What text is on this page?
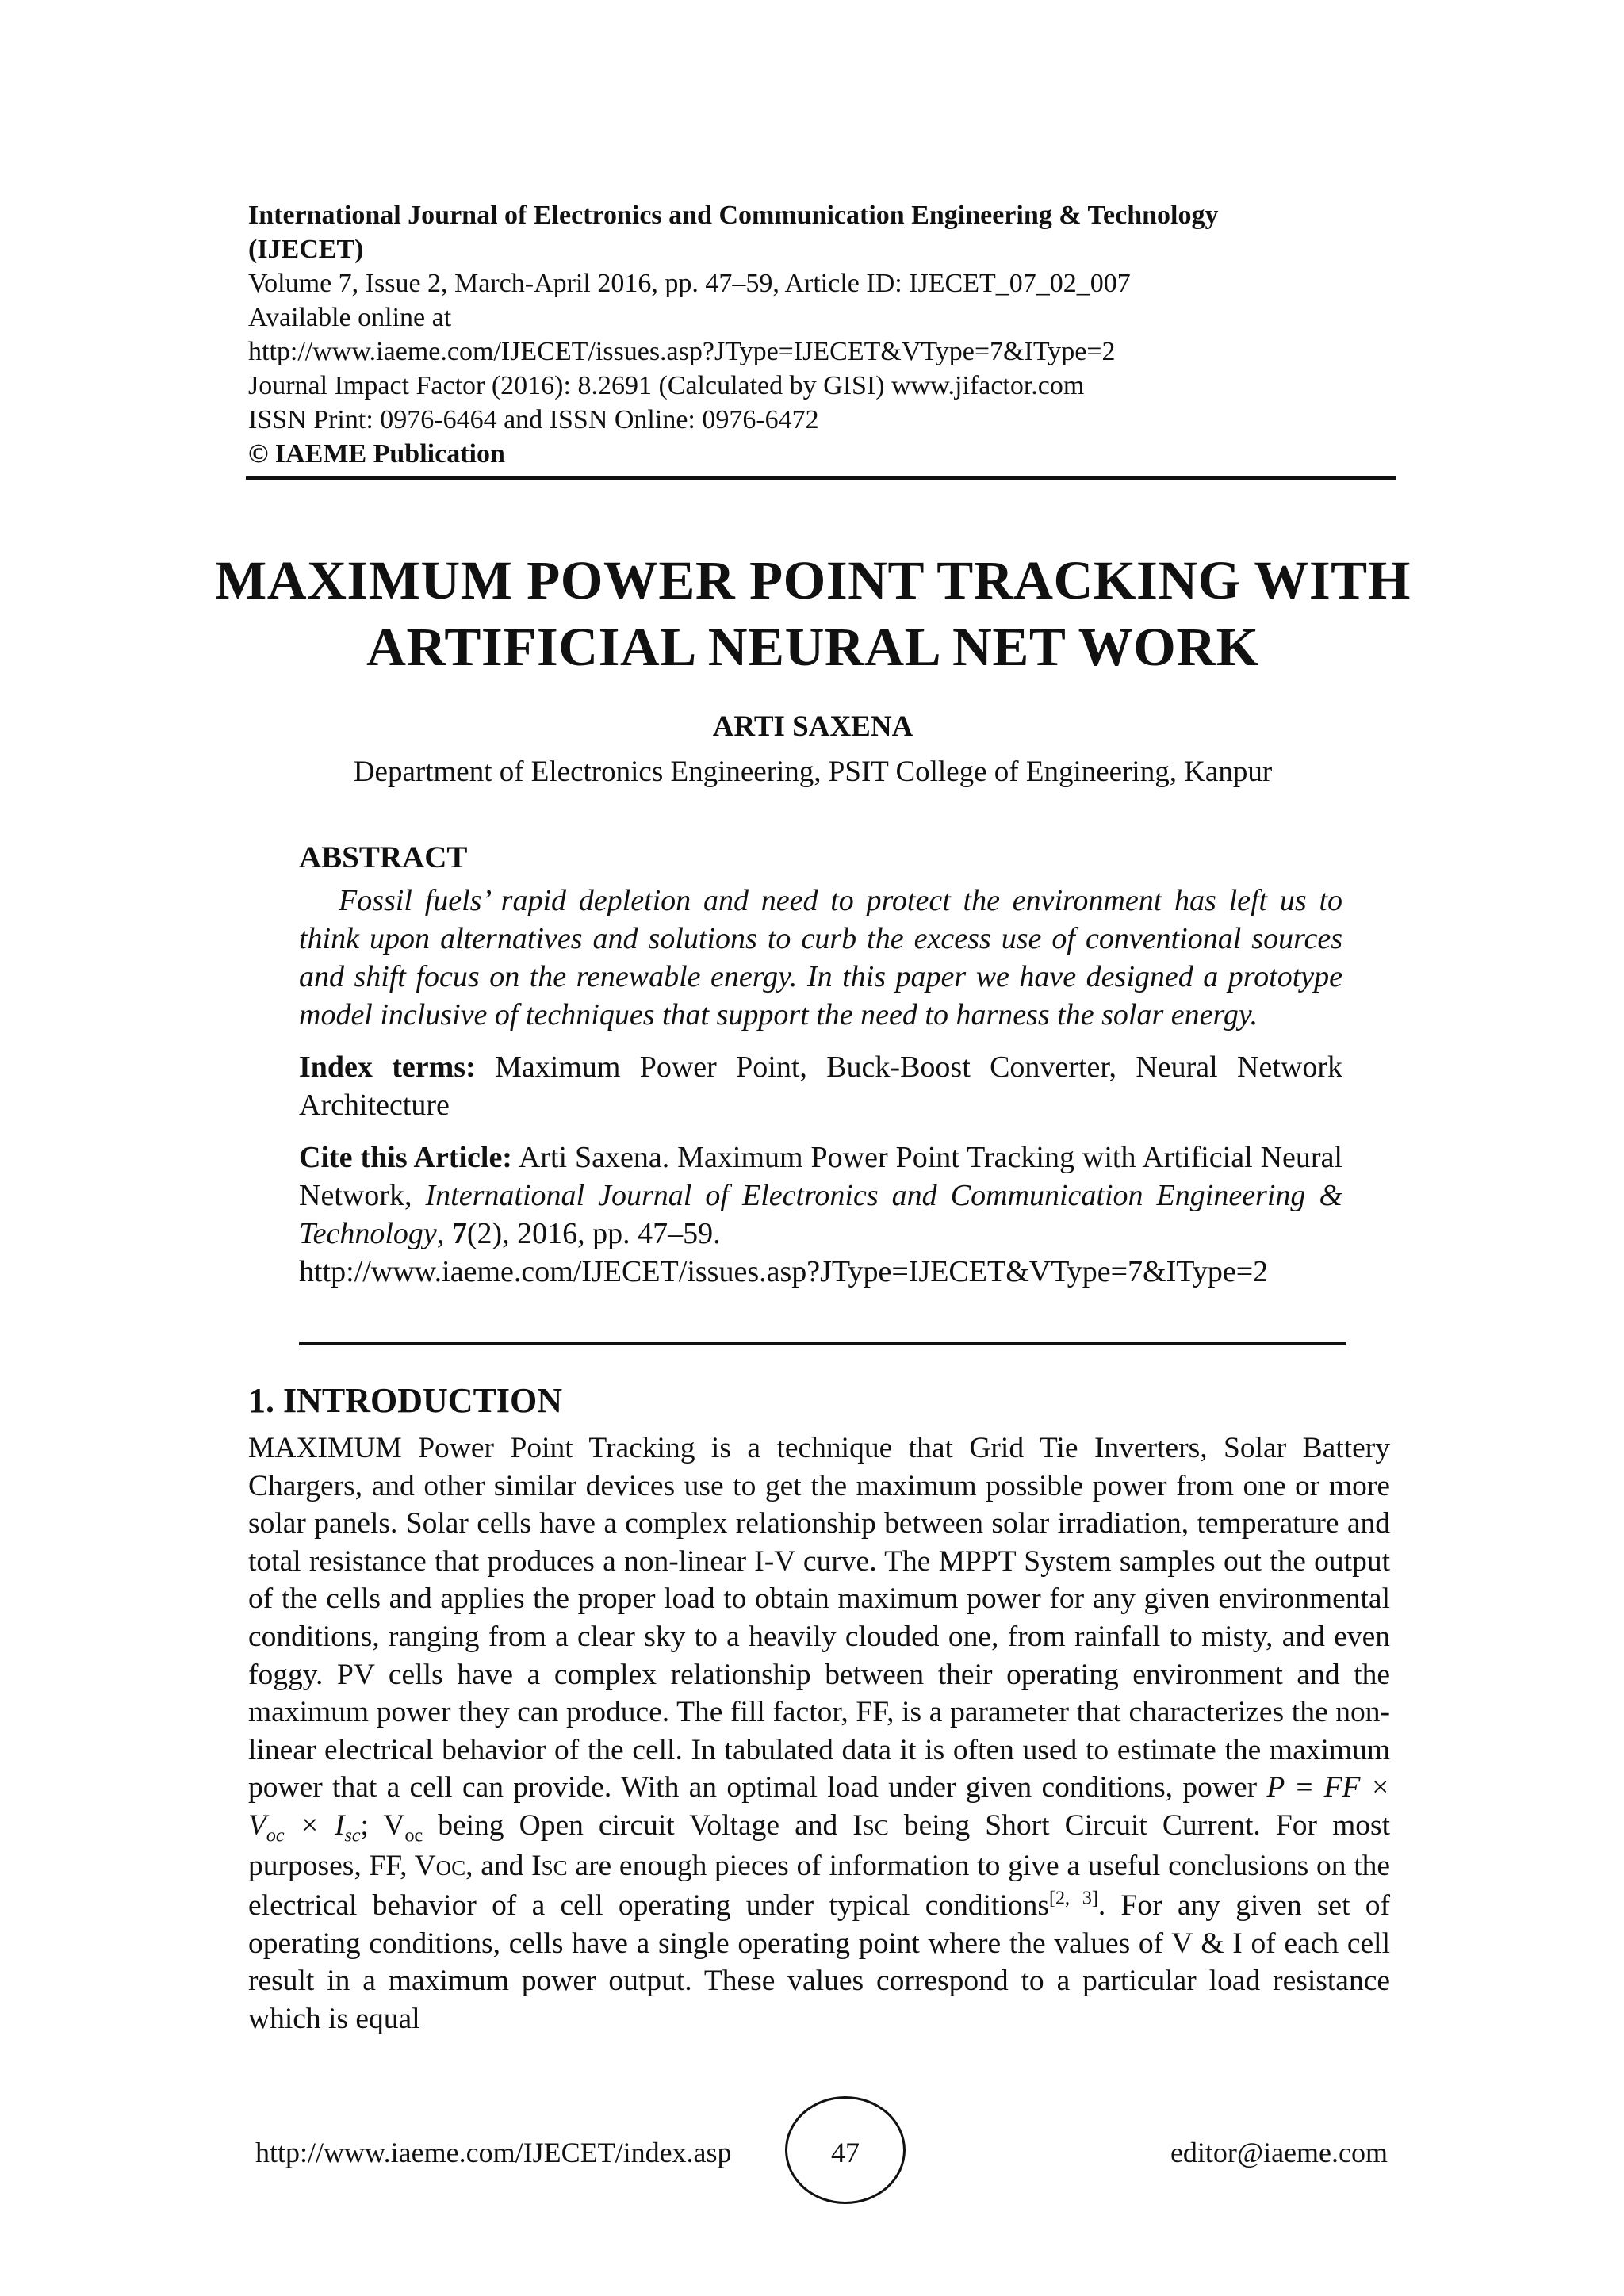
International Journal of Electronics and Communication Engineering & Technology
(IJECET)
Volume 7, Issue 2, March-April 2016, pp. 47–59, Article ID: IJECET_07_02_007
Available online at
http://www.iaeme.com/IJECET/issues.asp?JType=IJECET&VType=7&IType=2
Journal Impact Factor (2016): 8.2691 (Calculated by GISI) www.jifactor.com
ISSN Print: 0976-6464 and ISSN Online: 0976-6472
© IAEME Publication
MAXIMUM POWER POINT TRACKING WITH
ARTIFICIAL NEURAL NET WORK
ARTI SAXENA
Department of Electronics Engineering, PSIT College of Engineering, Kanpur
ABSTRACT

Fossil fuels’ rapid depletion and need to protect the environment has left us to think upon alternatives and solutions to curb the excess use of conventional sources and shift focus on the renewable energy. In this paper we have designed a prototype model inclusive of techniques that support the need to harness the solar energy.

Index terms: Maximum Power Point, Buck-Boost Converter, Neural Network Architecture

Cite this Article: Arti Saxena. Maximum Power Point Tracking with Artificial Neural Network, International Journal of Electronics and Communication Engineering & Technology, 7(2), 2016, pp. 47–59.
http://www.iaeme.com/IJECET/issues.asp?JType=IJECET&VType=7&IType=2

1. INTRODUCTION

MAXIMUM Power Point Tracking is a technique that Grid Tie Inverters, Solar Battery Chargers, and other similar devices use to get the maximum possible power from one or more solar panels. Solar cells have a complex relationship between solar irradiation, temperature and total resistance that produces a non-linear I-V curve. The MPPT System samples out the output of the cells and applies the proper load to obtain maximum power for any given environmental conditions, ranging from a clear sky to a heavily clouded one, from rainfall to misty, and even foggy. PV cells have a complex relationship between their operating environment and the maximum power they can produce. The fill factor, FF, is a parameter that characterizes the non-linear electrical behavior of the cell. In tabulated data it is often used to estimate the maximum power that a cell can provide. With an optimal load under given conditions, power P = FF × $V_{oc} \times I_{sc}$; $V_{oc}$ being Open circuit Voltage and ISC being Short Circuit Current. For most purposes, FF, VOC, and ISC are enough pieces of information to give a useful conclusions on the electrical behavior of a cell operating under typical conditions[2, 3]. For any given set of operating conditions, cells have a single operating point where the values of V & I of each cell result in a maximum power output. These values correspond to a particular load resistance which is equal

http://www.iaeme.com/IJECET/index.asp	47	editor@iaeme.com
